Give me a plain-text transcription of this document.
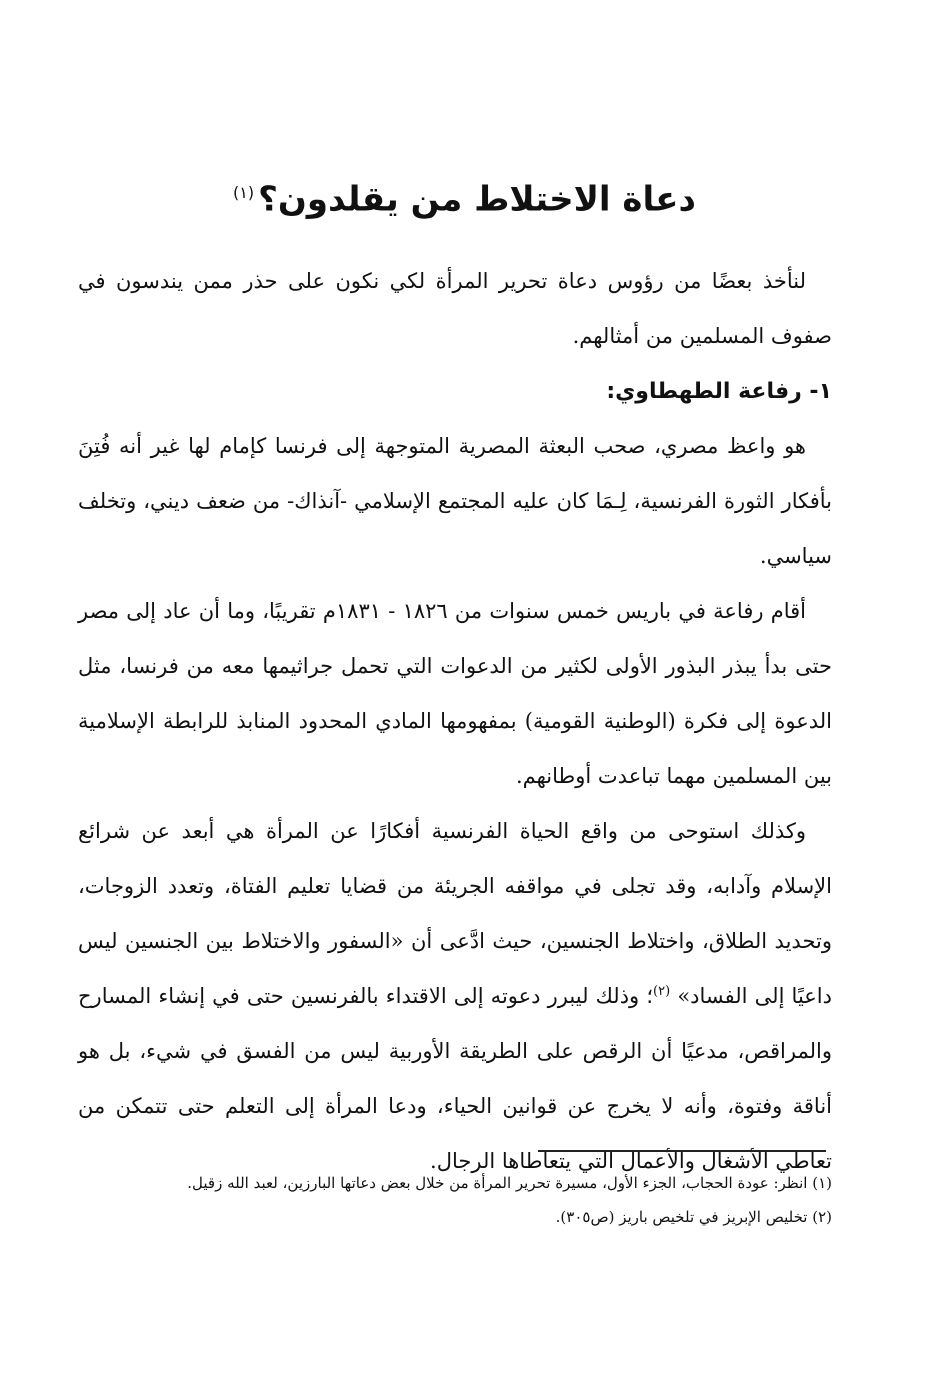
دعاة الاختلاط من يقلدون؟$^{(١)}$

لنأخذ بعضًا من رؤوس دعاة تحرير المرأة لكي نكون على حذر ممن يندسون في صفوف المسلمين من أمثالهم.

١- رفاعة الطهطاوي:

هو واعظ مصري، صحب البعثة المصرية المتوجهة إلى فرنسا كإمام لها غير أنه فُتِنَ بأفكار الثورة الفرنسية، لِـمَا كان عليه المجتمع الإسلامي -آنذاك- من ضعف ديني، وتخلف سياسي.

أقام رفاعة في باريس خمس سنوات من ١٨٢٦ - ١٨٣١م تقريبًا، وما أن عاد إلى مصر حتى بدأ يبذر البذور الأولى لكثير من الدعوات التي تحمل جراثيمها معه من فرنسا، مثل الدعوة إلى فكرة (الوطنية القومية) بمفهومها المادي المحدود المنابذ للرابطة الإسلامية بين المسلمين مهما تباعدت أوطانهم.

وكذلك استوحى من واقع الحياة الفرنسية أفكارًا عن المرأة هي أبعد عن شرائع الإسلام وآدابه، وقد تجلى في مواقفه الجريئة من قضايا تعليم الفتاة، وتعدد الزوجات، وتحديد الطلاق، واختلاط الجنسين، حيث ادَّعى أن «السفور والاختلاط بين الجنسين ليس داعيًا إلى الفساد» $^{(٢)}$؛ وذلك ليبرر دعوته إلى الاقتداء بالفرنسين حتى في إنشاء المسارح والمراقص، مدعيًا أن الرقص على الطريقة الأوربية ليس من الفسق في شيء، بل هو أناقة وفتوة، وأنه لا يخرج عن قوانين الحياء، ودعا المرأة إلى التعلم حتى تتمكن من تعاطي الأشغال والأعمال التي يتعاطاها الرجال.

(١) انظر: عودة الحجاب، الجزء الأول، مسيرة تحرير المرأة من خلال بعض دعاتها البارزين، لعبد الله زقيل.
(٢) تخليص الإبريز في تلخيص باريز (ص٣٠٥).
